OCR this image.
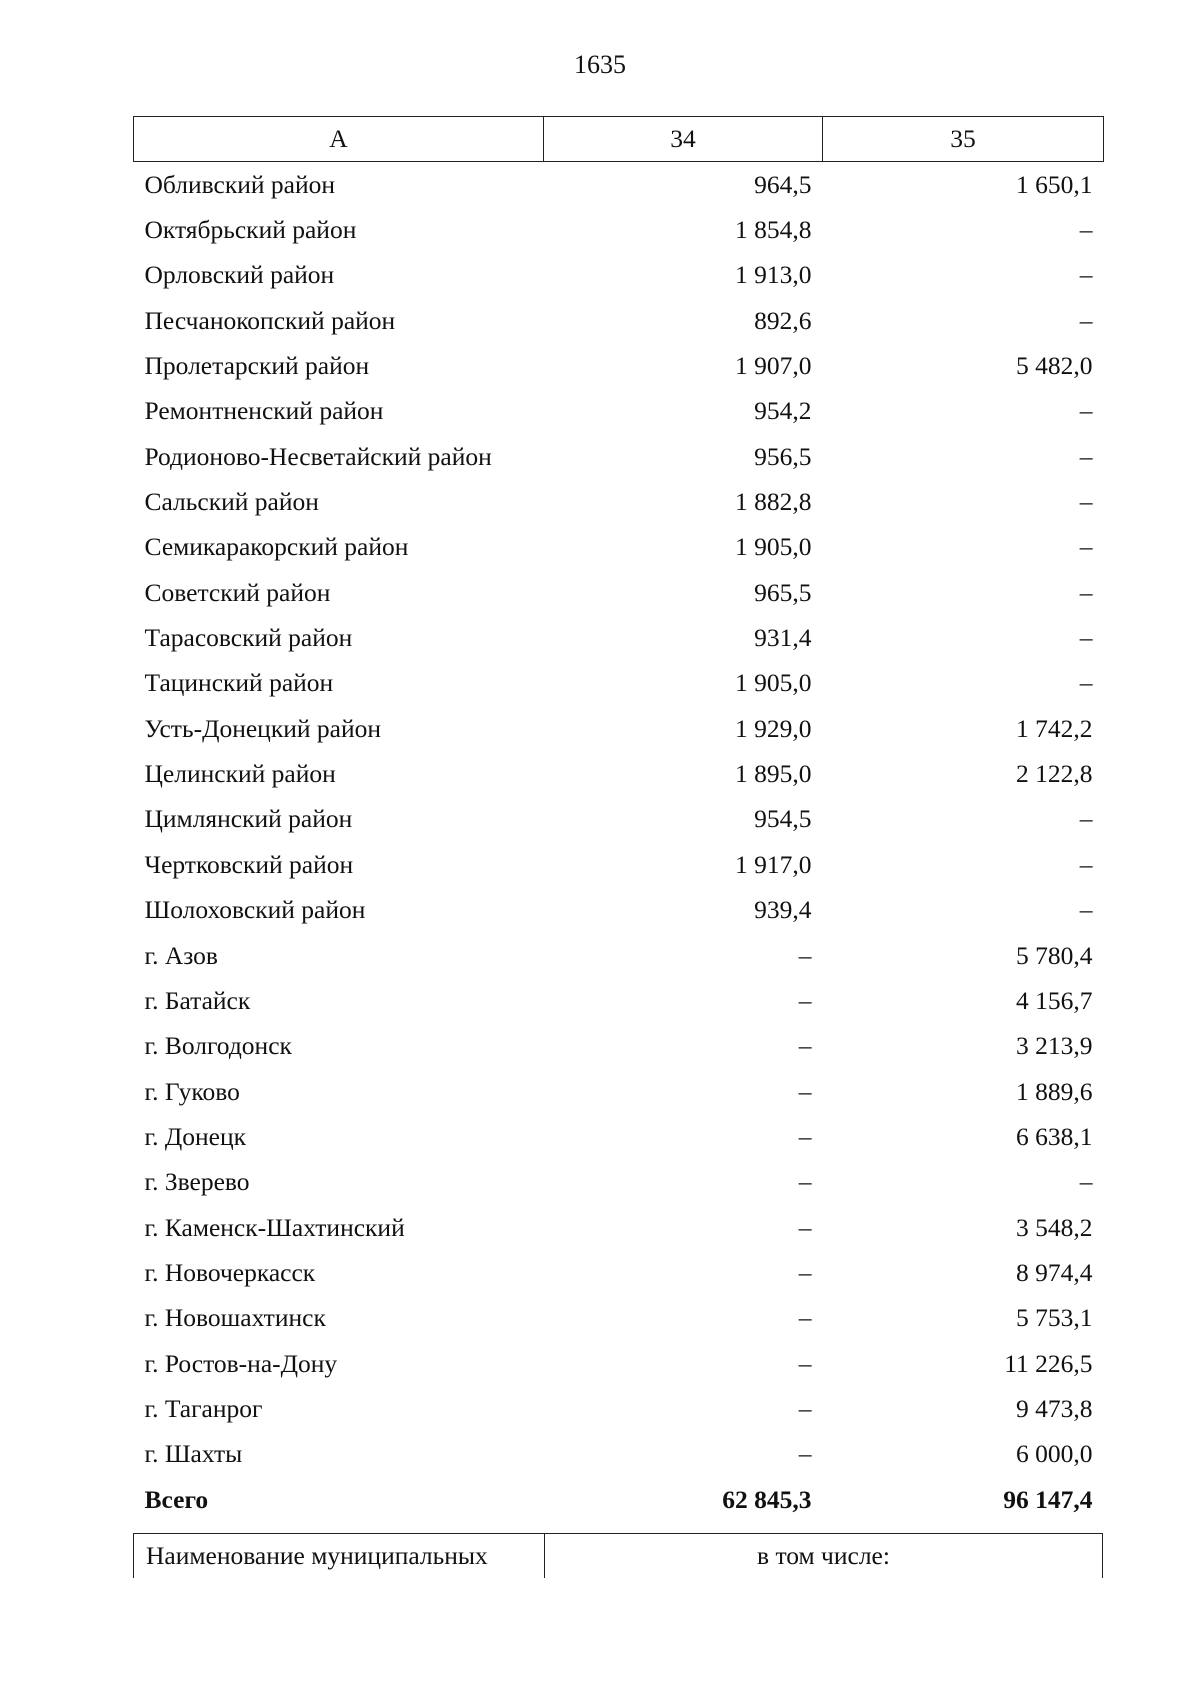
1635
А	34	35
Обливский район	964,5	1 650,1
Октябрьский район	1 854,8	–
Орловский район	1 913,0	–
Песчанокопский район	892,6	–
Пролетарский район	1 907,0	5 482,0
Ремонтненский район	954,2	–
Родионово-Несветайский район	956,5	–
Сальский район	1 882,8	–
Семикаракорский район	1 905,0	–
Советский район	965,5	–
Тарасовский район	931,4	–
Тацинский район	1 905,0	–
Усть-Донецкий район	1 929,0	1 742,2
Целинский район	1 895,0	2 122,8
Цимлянский район	954,5	–
Чертковский район	1 917,0	–
Шолоховский район	939,4	–
г. Азов	–	5 780,4
г. Батайск	–	4 156,7
г. Волгодонск	–	3 213,9
г. Гуково	–	1 889,6
г. Донецк	–	6 638,1
г. Зверево	–	–
г. Каменск-Шахтинский	–	3 548,2
г. Новочеркасск	–	8 974,4
г. Новошахтинск	–	5 753,1
г. Ростов-на-Дону	–	11 226,5
г. Таганрог	–	9 473,8
г. Шахты	–	6 000,0
Всего	62 845,3	96 147,4
Наименование муниципальных	в том числе:
